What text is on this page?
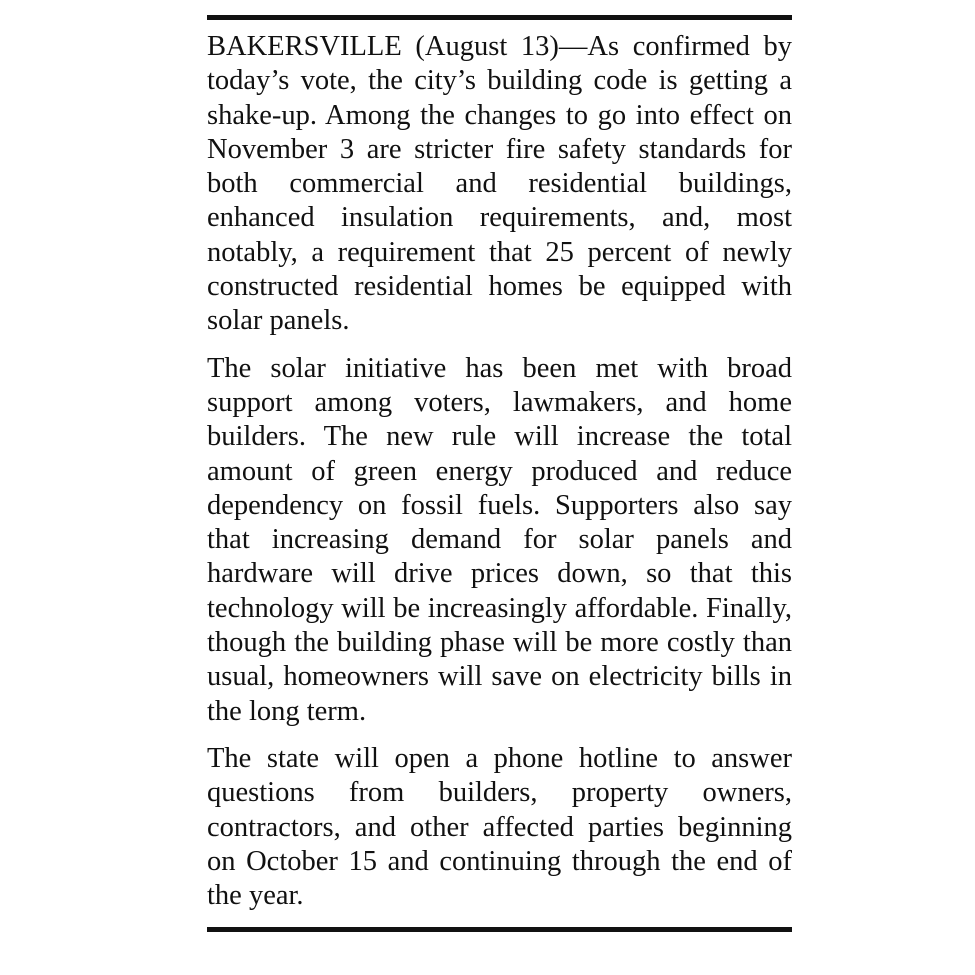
BAKERSVILLE (August 13)—As confirmed by today’s vote, the city’s building code is getting a shake-up. Among the changes to go into effect on November 3 are stricter fire safety standards for both commercial and residential buildings, enhanced insulation requirements, and, most notably, a requirement that 25 percent of newly constructed residential homes be equipped with solar panels.

The solar initiative has been met with broad support among voters, lawmakers, and home builders. The new rule will increase the total amount of green energy produced and reduce dependency on fossil fuels. Supporters also say that increasing demand for solar panels and hardware will drive prices down, so that this technology will be increasingly affordable. Finally, though the building phase will be more costly than usual, homeowners will save on electricity bills in the long term.

The state will open a phone hotline to answer questions from builders, property owners, contractors, and other affected parties beginning on October 15 and continuing through the end of the year.
